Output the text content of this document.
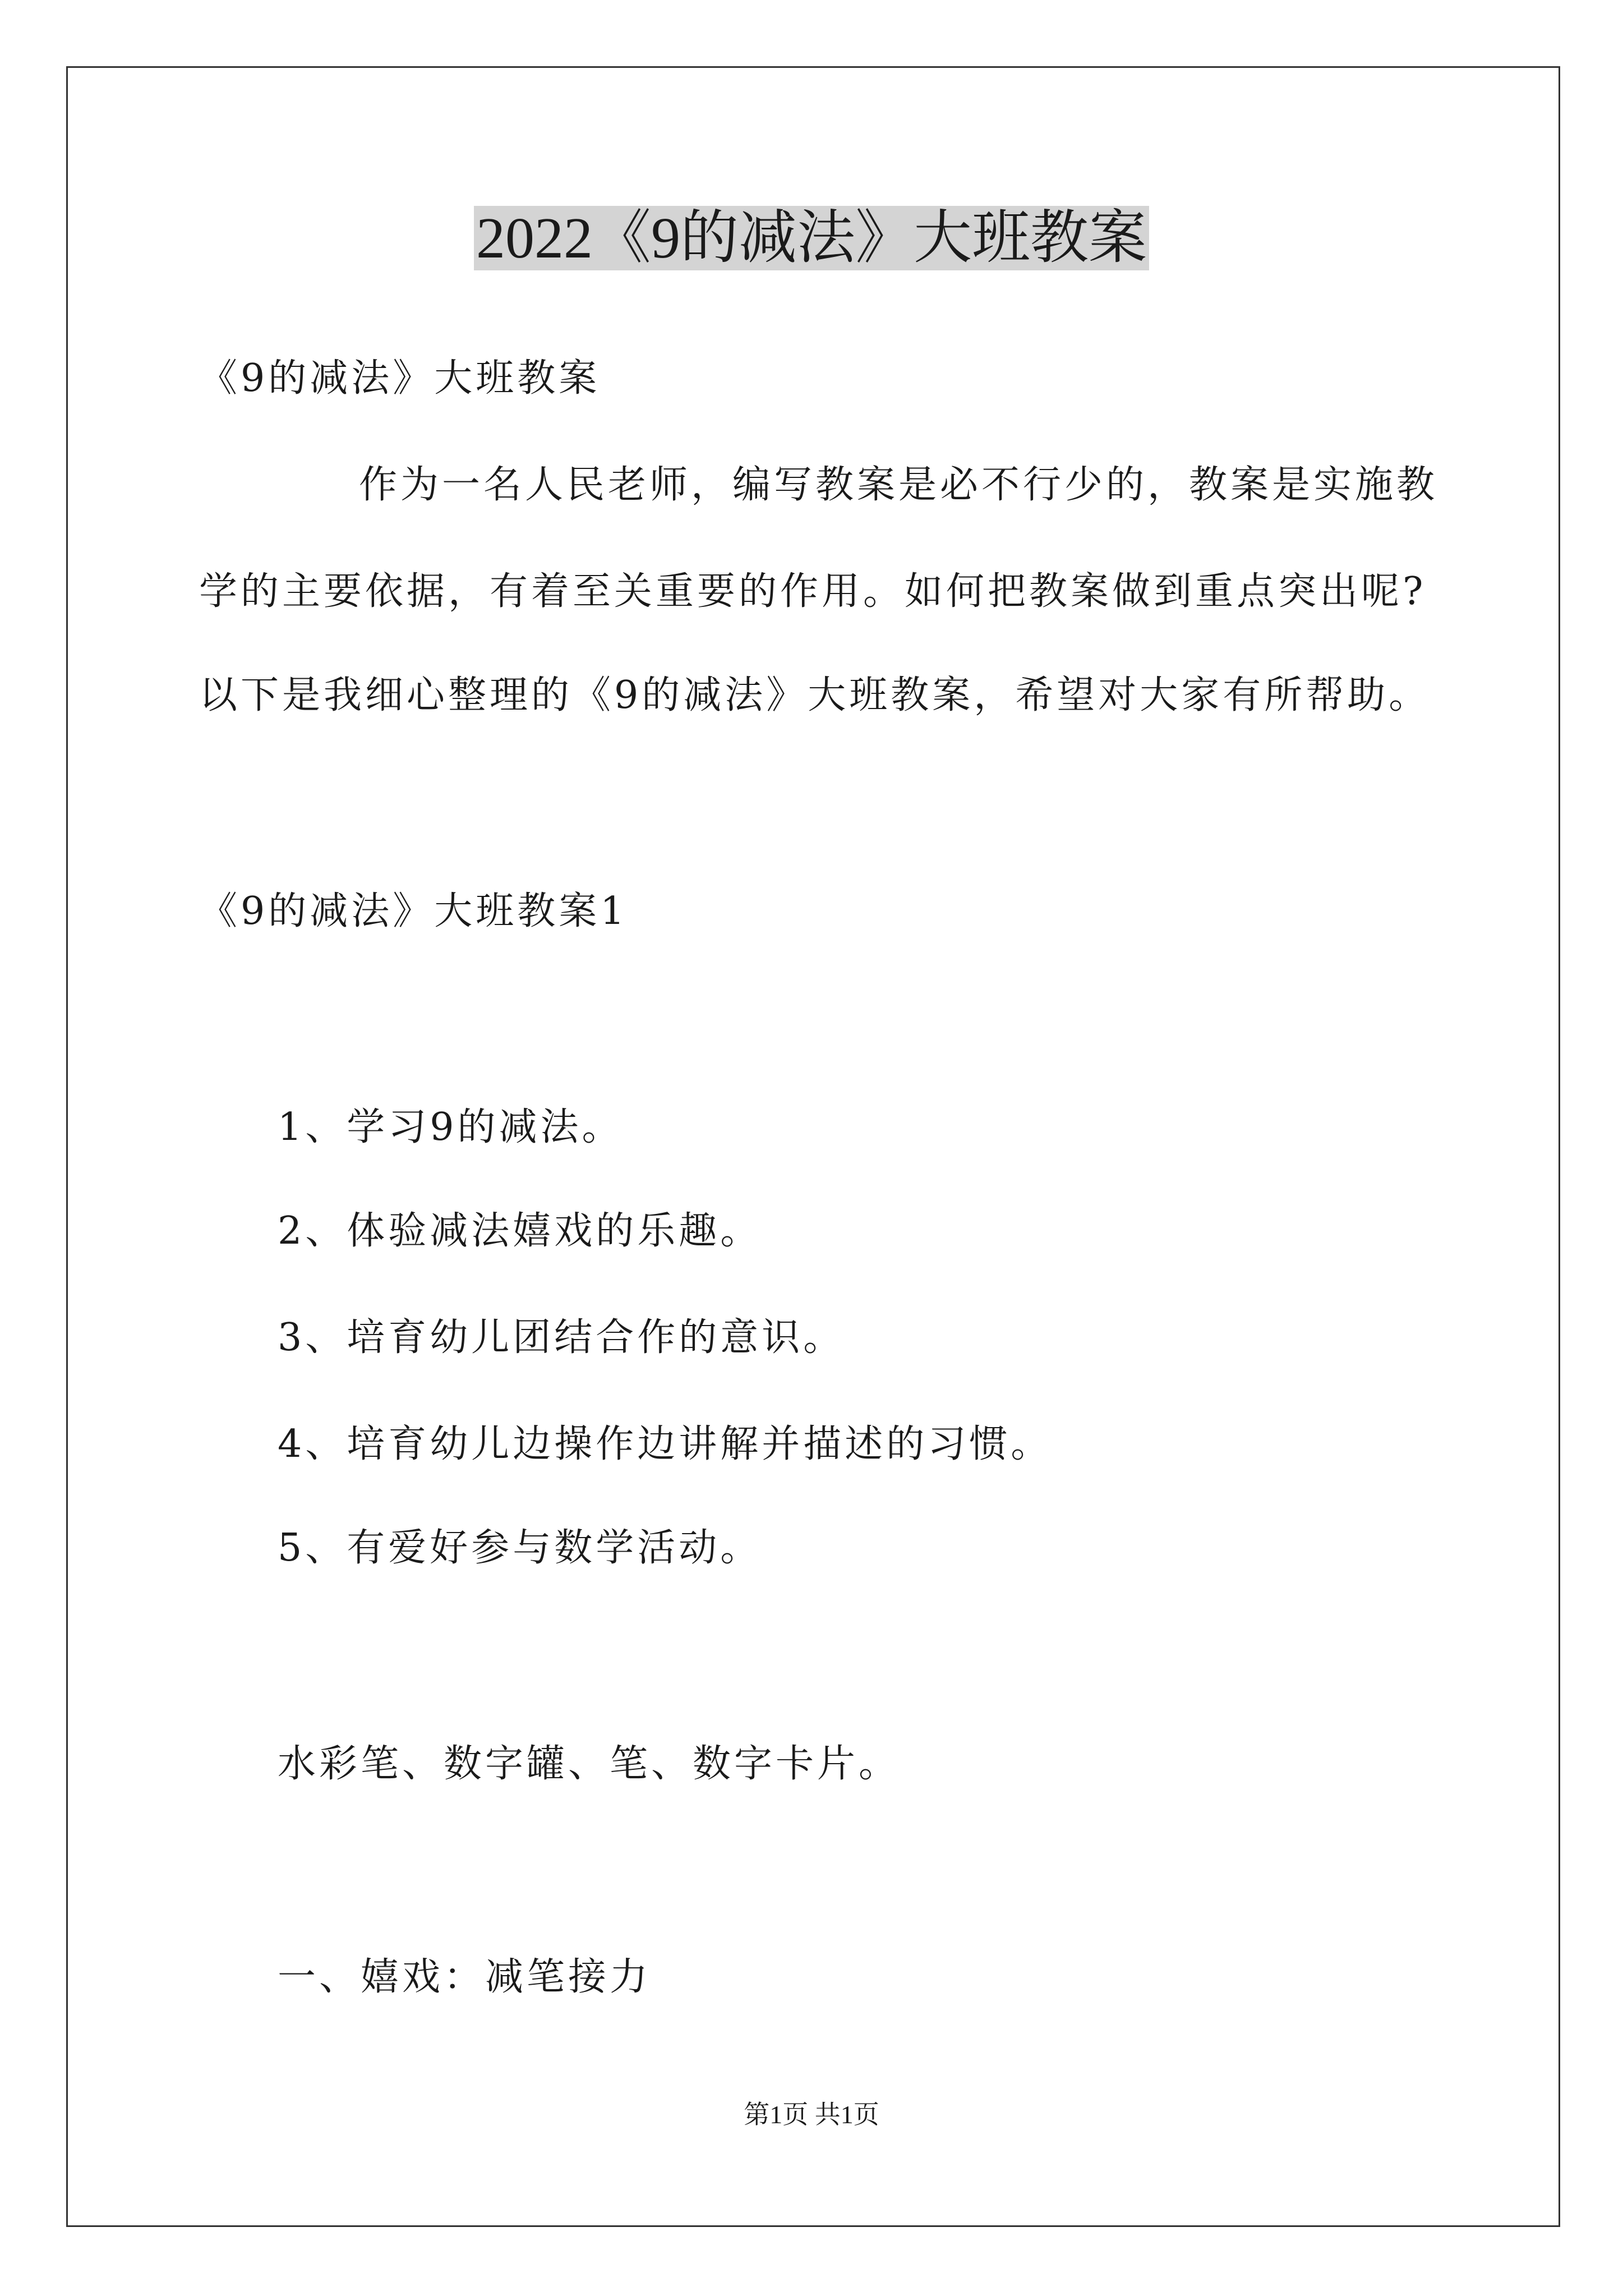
2022《9的减法》大班教案
《9的减法》大班教案
作为一名人民老师，编写教案是必不行少的，教案是实施教
学的主要依据，有着至关重要的作用。如何把教案做到重点突出呢?
以下是我细心整理的《9的减法》大班教案，希望对大家有所帮助。
《9的减法》大班教案1
1、学习9的减法。
2、体验减法嬉戏的乐趣。
3、培育幼儿团结合作的意识。
4、培育幼儿边操作边讲解并描述的习惯。
5、有爱好参与数学活动。
水彩笔、数字罐、笔、数字卡片。
一、嬉戏：减笔接力
第1页 共1页
